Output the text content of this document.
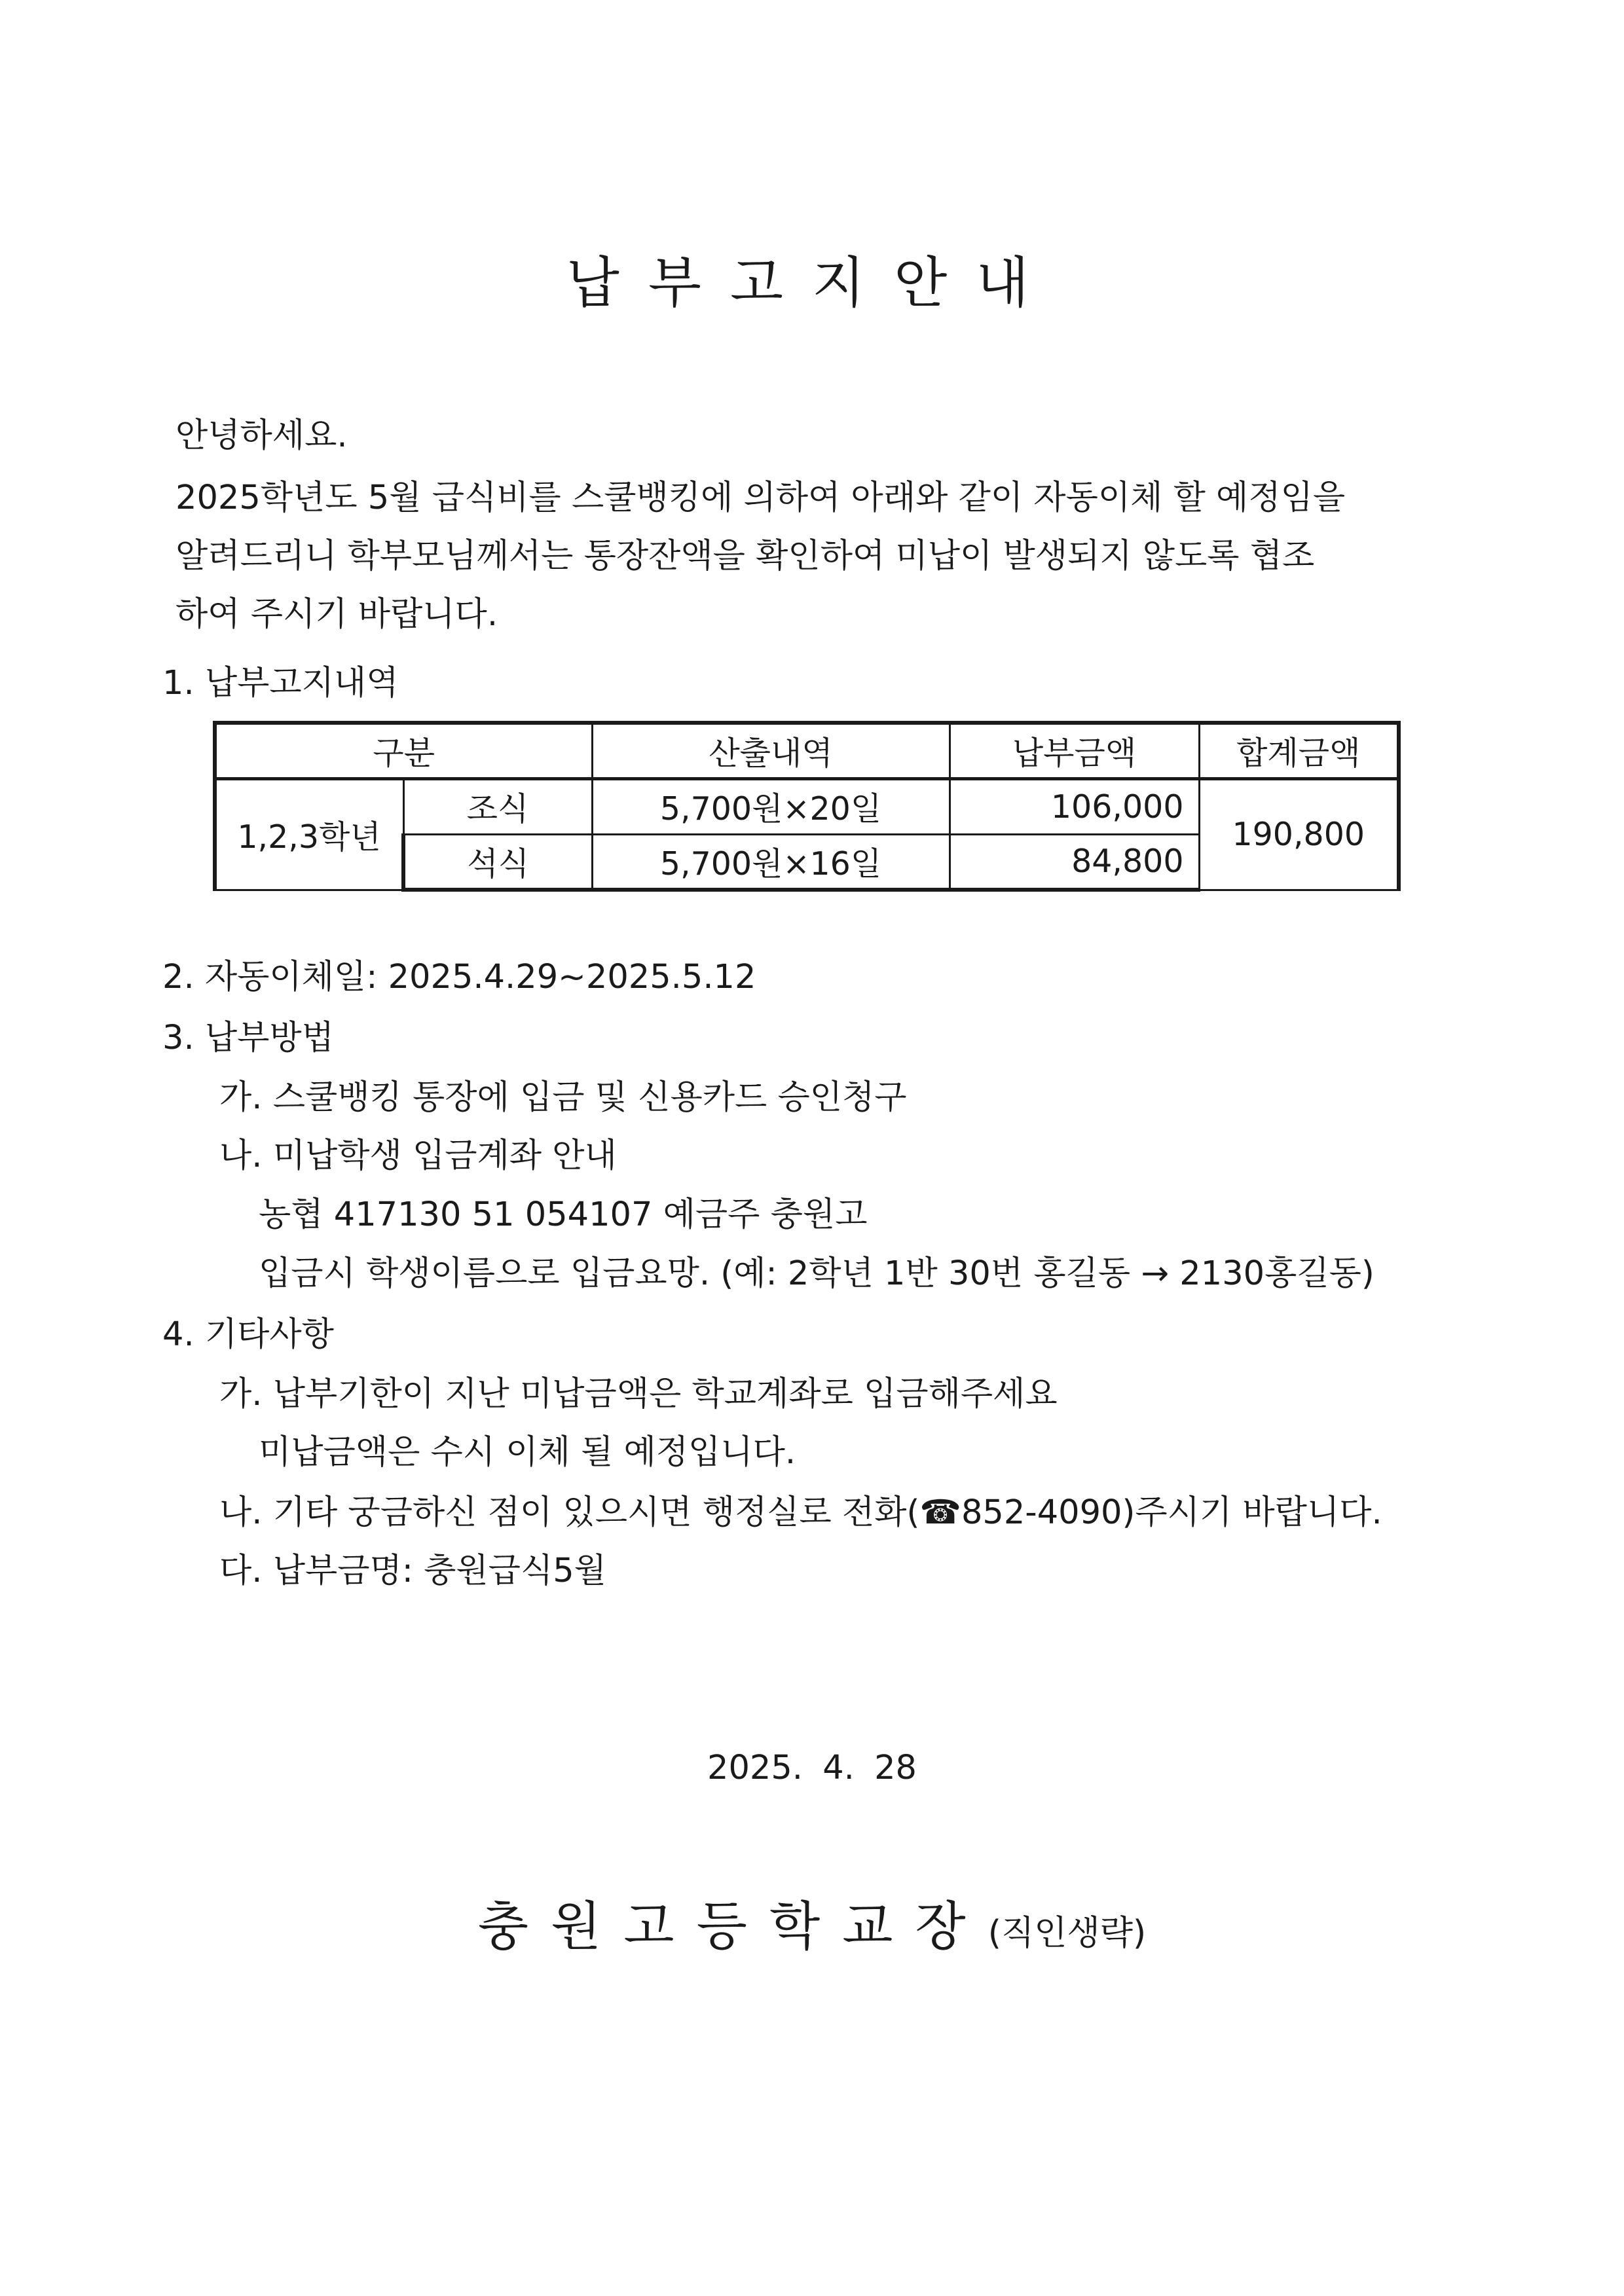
납부고지안내
안녕하세요.
2025학년도 5월 급식비를 스쿨뱅킹에 의하여 아래와 같이 자동이체 할 예정임을
알려드리니 학부모님께서는 통장잔액을 확인하여 미납이 발생되지 않도록 협조
하여 주시기 바랍니다.
1. 납부고지내역
구분		산출내역	납부금액	합계금액
1,2,3학년	조식	5,700원×20일	106,000	190,800
	석식	5,700원×16일	84,800	
2. 자동이체일: 2025.4.29~2025.5.12
3. 납부방법
가. 스쿨뱅킹 통장에 입금 및 신용카드 승인청구
나. 미납학생 입금계좌 안내
농협 417130 51 054107 예금주 충원고
입금시 학생이름으로 입금요망. (예: 2학년 1반 30번 홍길동 → 2130홍길동)
4. 기타사항
가. 납부기한이 지난 미납금액은 학교계좌로 입금해주세요
미납금액은 수시 이체 될 예정입니다.
나. 기타 궁금하신 점이 있으시면 행정실로 전화(☎852-4090)주시기 바랍니다.
다. 납부금명: 충원급식5월
2025. 4. 28
충원고등학교장(직인생략)
